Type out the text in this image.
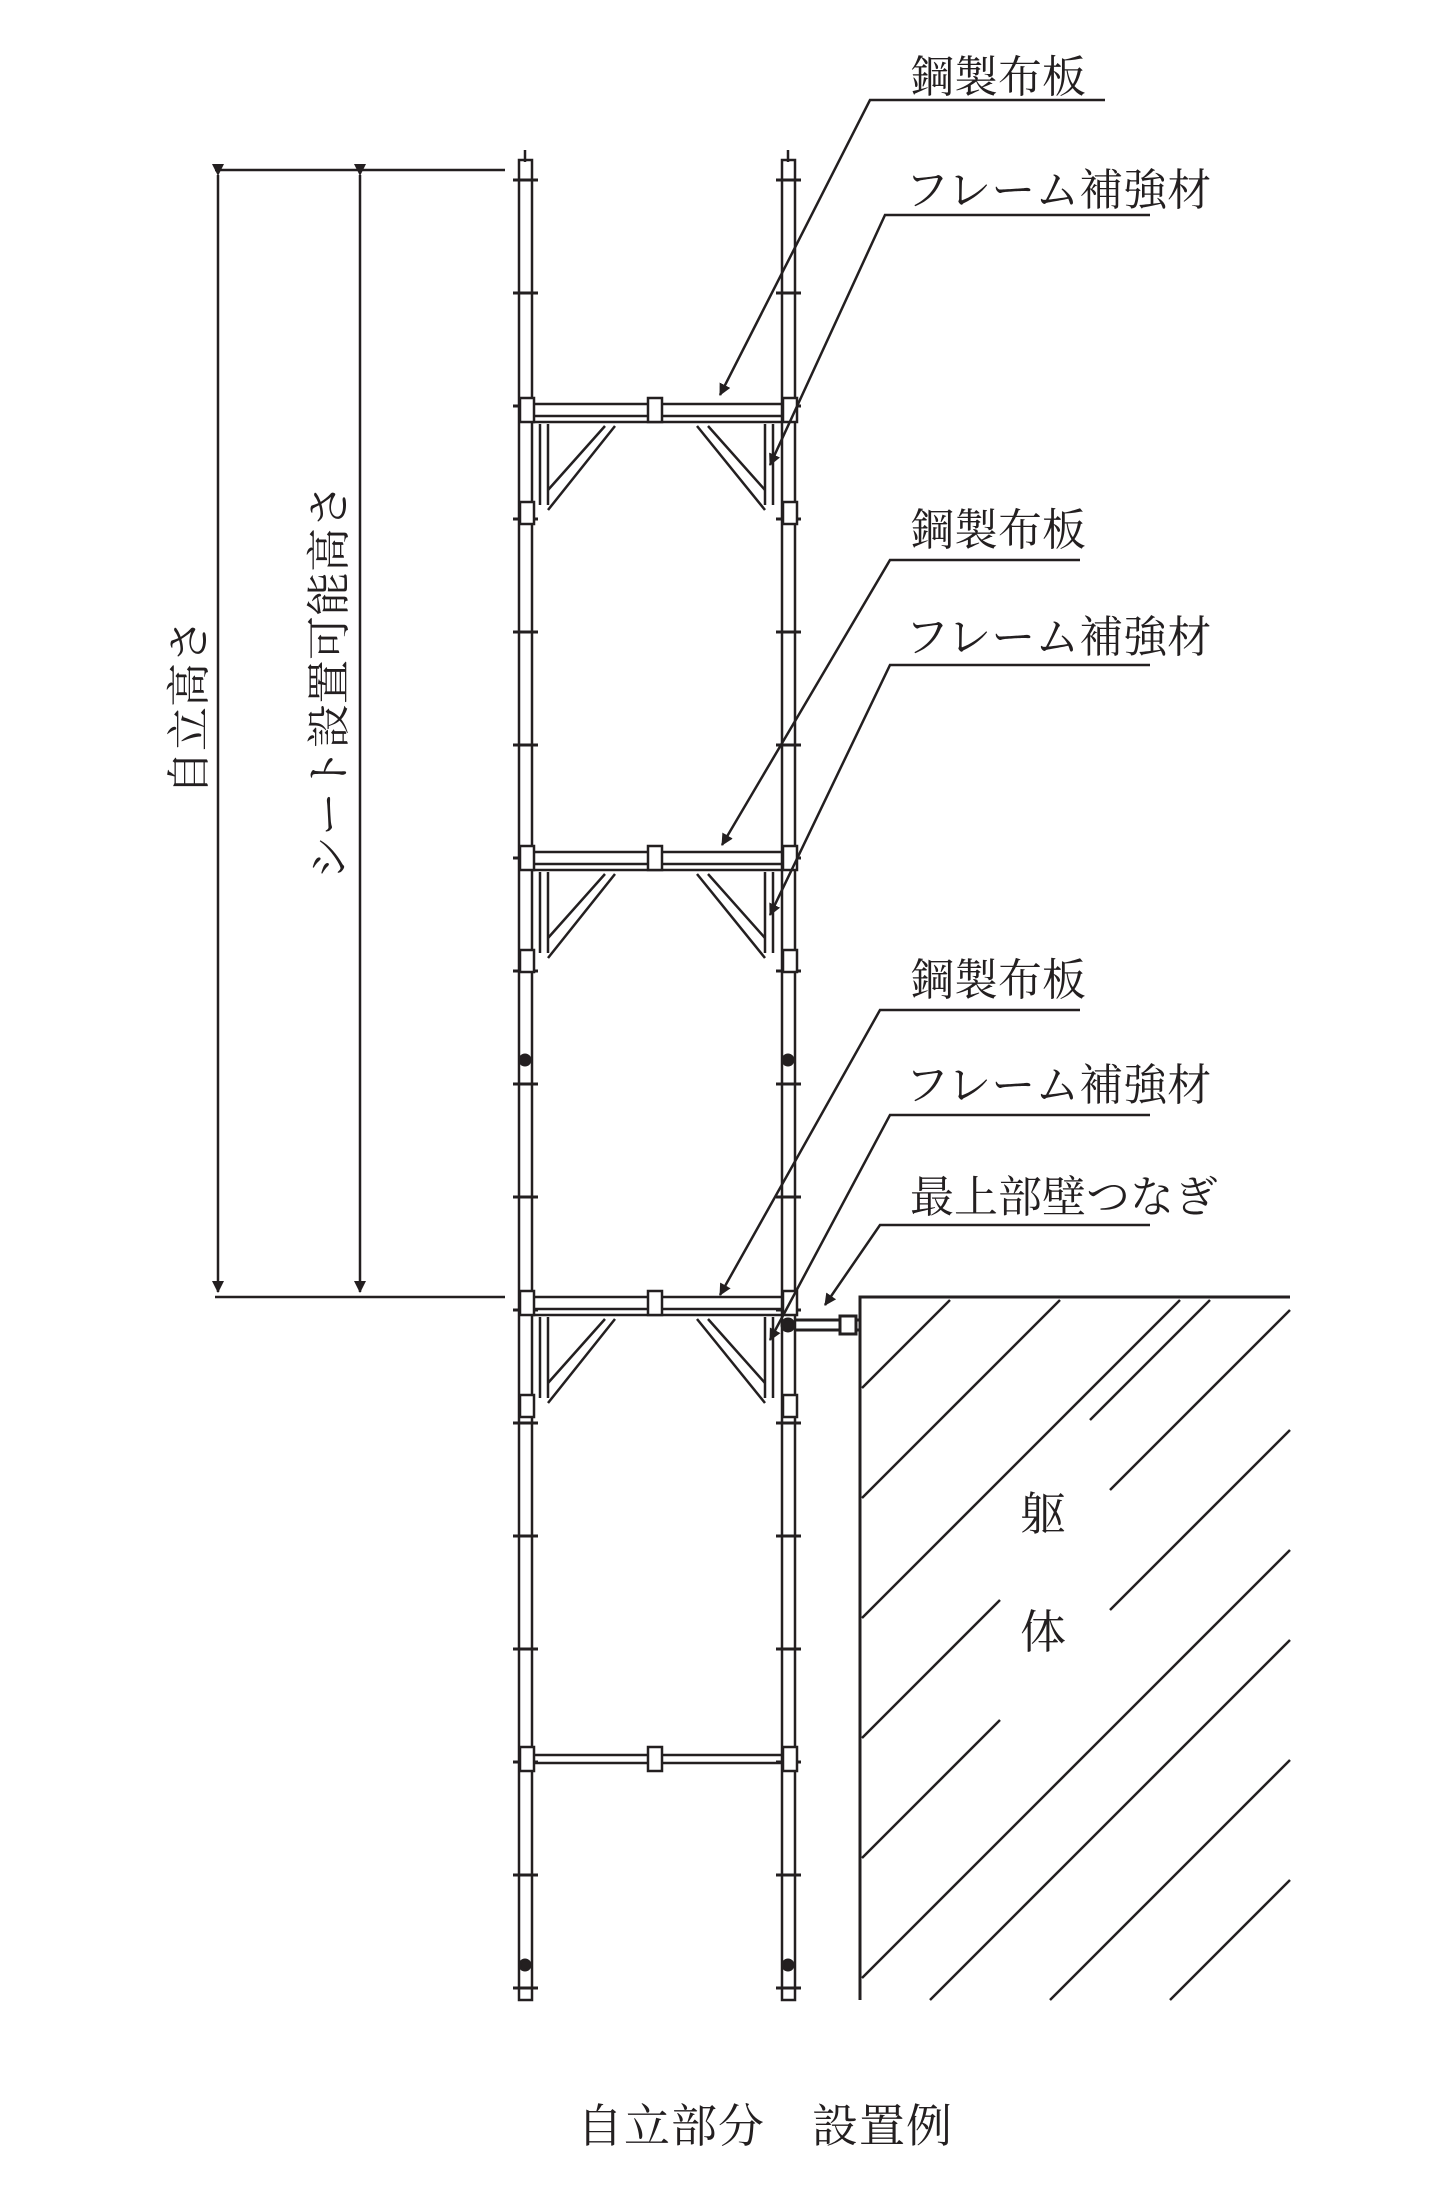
鋼製布板
フレーム補強材
鋼製布板
フレーム補強材
鋼製布板
フレーム補強材
最上部壁つなぎ
躯
体
自立高さ シート設置可能高さ
自立部分　設置例
